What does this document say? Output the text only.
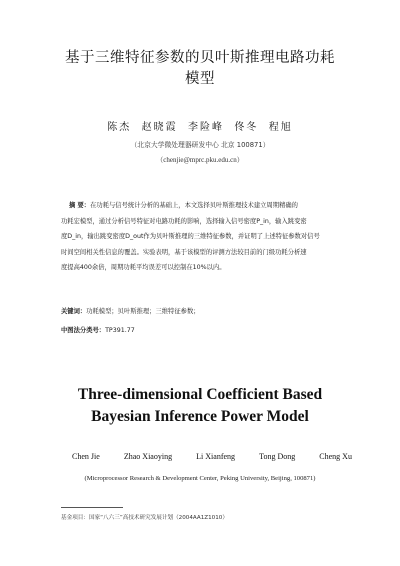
基于三维特征参数的贝叶斯推理电路功耗
模型
陈杰 赵晓霞 李险峰 佟冬 程旭
（北京大学微处理器研发中心 北京 100871）
（chenjie@mprc.pku.edu.cn）
摘 要：在功耗与信号统计分析的基础上，本文选择贝叶斯推理技术建立周期精确的
功耗宏模型，通过分析信号特征对电路功耗的影响，选择输入信号密度P_in，输入跳变密
度D_in，输出跳变密度D_out作为贝叶斯推理的三维特征参数，并证明了上述特征参数对信号
时间空间相关性信息的覆盖。实验表明，基于该模型的评测方法较目前的门级功耗分析速
度提高400余倍，周期功耗平均误差可以控制在10%以内。
关键词：功耗模型；贝叶斯推理；三维特征参数；
中图法分类号：TP391.77
Three-dimensional Coefficient Based
Bayesian Inference Power Model
Chen Jie	Zhao Xiaoying	Li Xianfeng	Tong Dong	Cheng Xu
(Microprocessor Research & Development Center, Peking University, Beijing, 100871)
基金项目：国家“八六三”高技术研究发展计划（2004AA1Z1010）
